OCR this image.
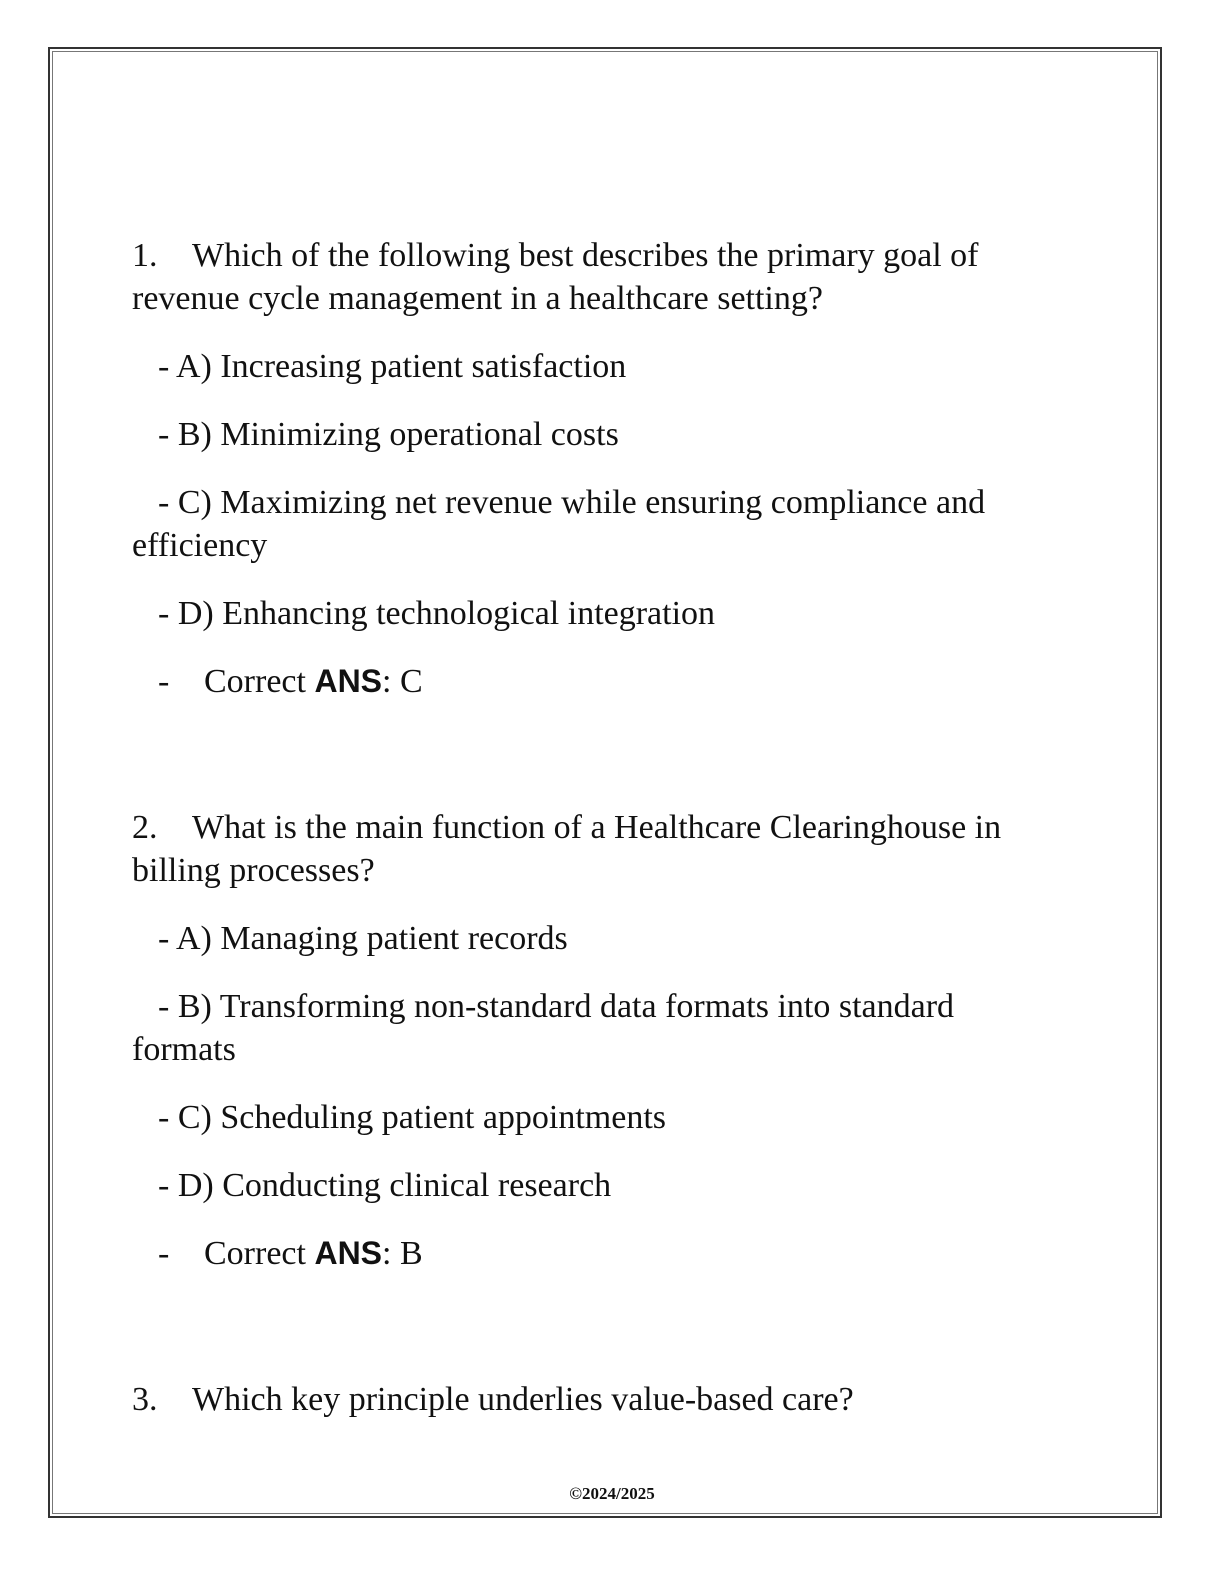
1. Which of the following best describes the primary goal of revenue cycle management in a healthcare setting?

- A) Increasing patient satisfaction

- B) Minimizing operational costs

- C) Maximizing net revenue while ensuring compliance and efficiency

- D) Enhancing technological integration

- Correct ANS: C

2. What is the main function of a Healthcare Clearinghouse in billing processes?

- A) Managing patient records

- B) Transforming non-standard data formats into standard formats

- C) Scheduling patient appointments

- D) Conducting clinical research

- Correct ANS: B

3. Which key principle underlies value-based care?

©2024/2025
